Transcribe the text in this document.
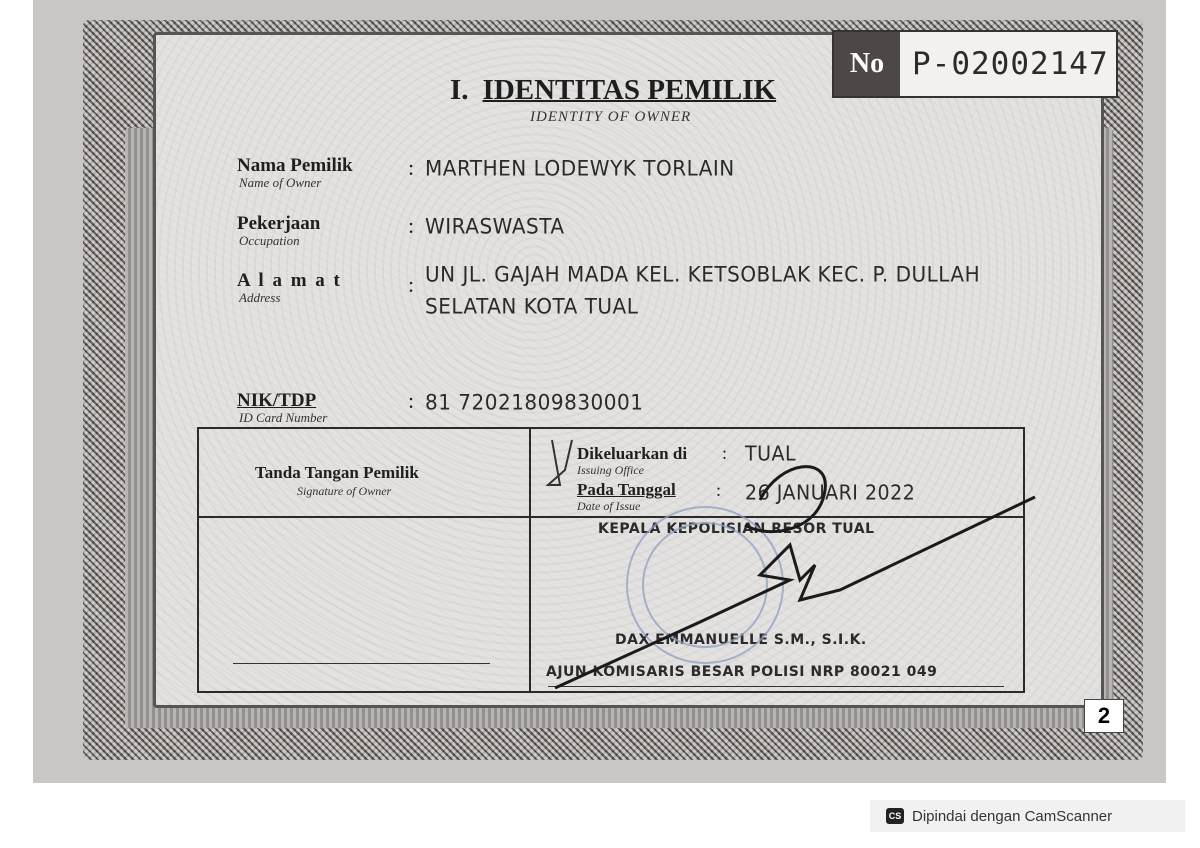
No P-02002147
I. IDENTITAS PEMILIK
IDENTITY OF OWNER
Nama Pemilik
Name of Owner
: MARTHEN LODEWYK TORLAIN
Pekerjaan
Occupation
: WIRASWASTA
A l a m a t
Address
: UN JL. GAJAH MADA KEL. KETSOBLAK KEC. P. DULLAH
SELATAN KOTA TUAL
NIK/TDP
ID Card Number
: 81 72021809830001
Tanda Tangan Pemilik
Signature of Owner
Dikeluarkan di
Issuing Office
: TUAL
Pada Tanggal
Date of Issue
: 26 JANUARI 2022
KEPALA KEPOLISIAN RESOR TUAL
DAX EMMANUELLE S.M., S.I.K.
AJUN KOMISARIS BESAR POLISI NRP 80021 049
2
CS Dipindai dengan CamScanner
